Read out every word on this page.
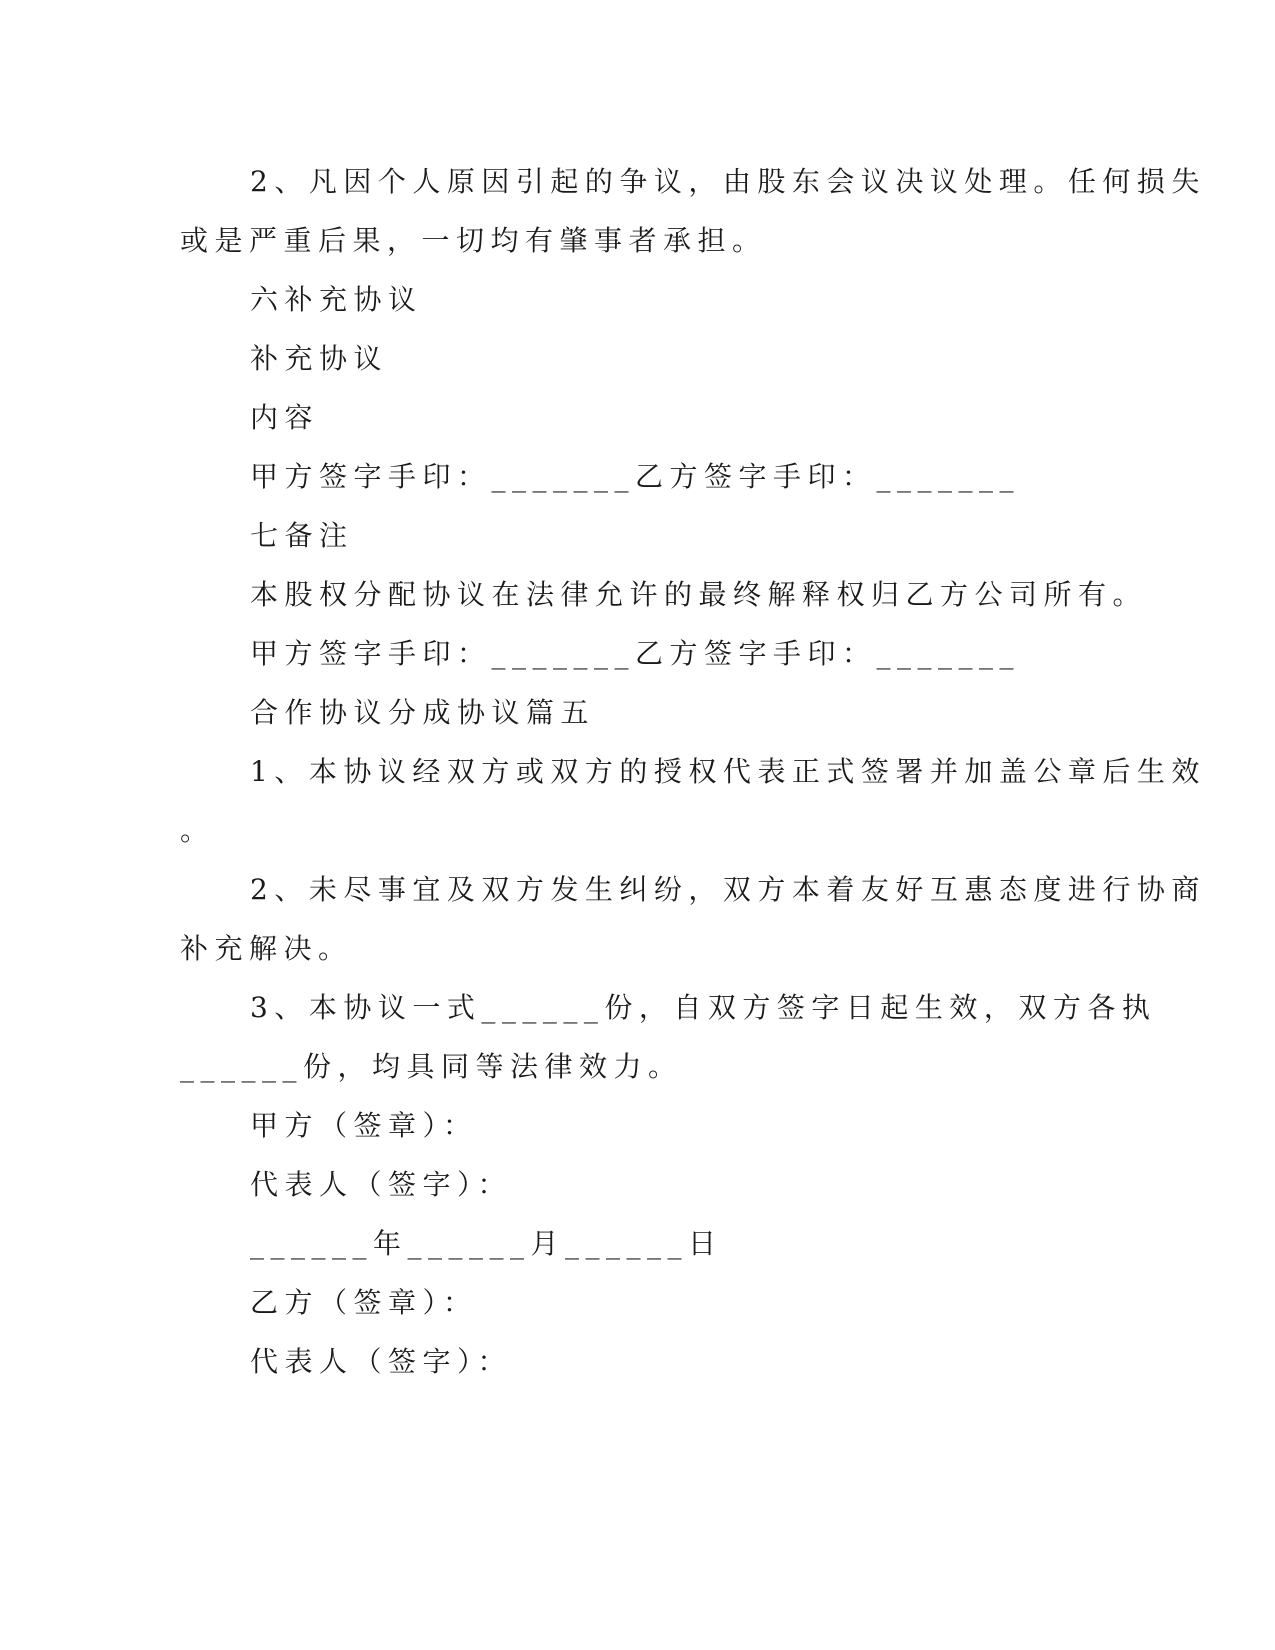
2、凡因个人原因引起的争议，由股东会议决议处理。任何损失

或是严重后果，一切均有肇事者承担。

六补充协议

补充协议

内容

甲方签字手印：_______乙方签字手印：_______

七备注

本股权分配协议在法律允许的最终解释权归乙方公司所有。

甲方签字手印：_______乙方签字手印：_______

合作协议分成协议篇五

1、本协议经双方或双方的授权代表正式签署并加盖公章后生效

。

2、未尽事宜及双方发生纠纷，双方本着友好互惠态度进行协商

补充解决。

3、本协议一式______份，自双方签字日起生效，双方各执

______份，均具同等法律效力。

甲方（签章）：

代表人（签字）：

______年______月______日

乙方（签章）：

代表人（签字）：
